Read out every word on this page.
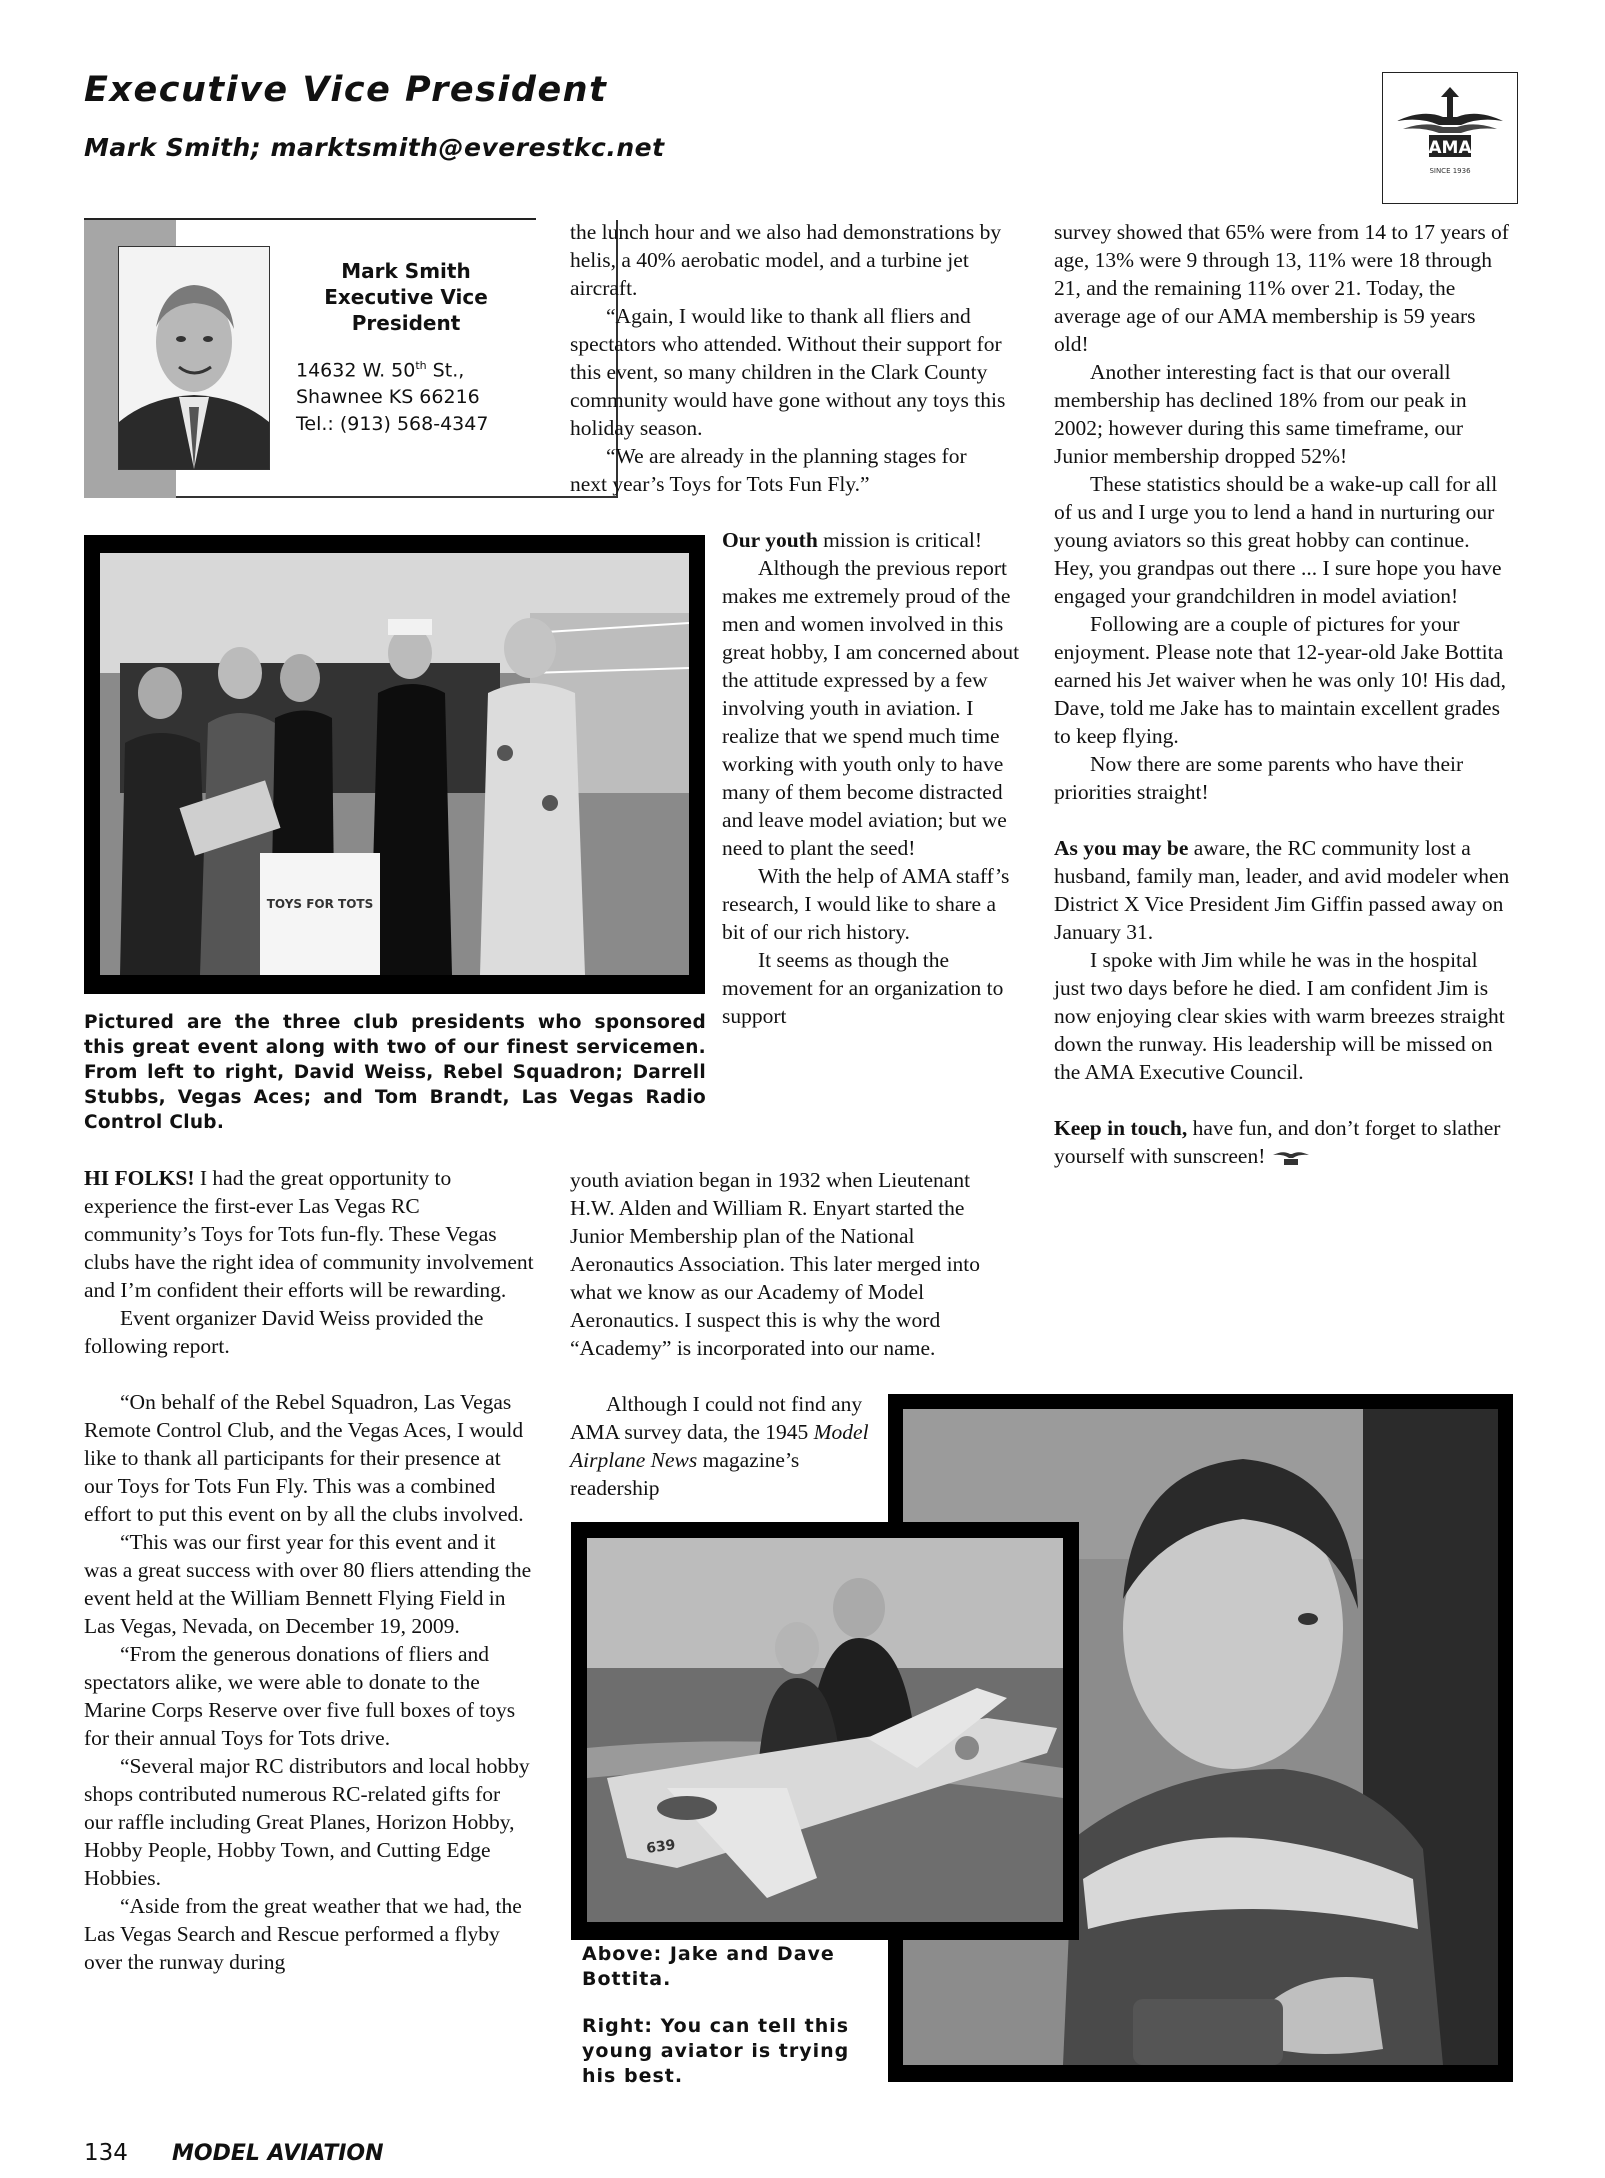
Executive Vice President
Mark Smith; marktsmith@everestkc.net	AMA
SINCE 1936
Mark Smith
Executive Vice
President
14632 W. 50th St.,
Shawnee KS 66216
Tel.: (913) 568-4347
TOYS FOR TOTS
Pictured are the three club presidents who sponsored this great event along with two of our finest servicemen. From left to right, David Weiss, Rebel Squadron; Darrell Stubbs, Vegas Aces; and Tom Brandt, Las Vegas Radio Control Club.

HI FOLKS! I had the great opportunity to experience the first-ever Las Vegas RC community’s Toys for Tots fun-fly. These Vegas clubs have the right idea of community involvement and I’m confident their efforts will be rewarding.

Event organizer David Weiss provided the following report.

“On behalf of the Rebel Squadron, Las Vegas Remote Control Club, and the Vegas Aces, I would like to thank all participants for their presence at our Toys for Tots Fun Fly. This was a combined effort to put this event on by all the clubs involved.

“This was our first year for this event and it was a great success with over 80 fliers attending the event held at the William Bennett Flying Field in Las Vegas, Nevada, on December 19, 2009.

“From the generous donations of fliers and spectators alike, we were able to donate to the Marine Corps Reserve over five full boxes of toys for their annual Toys for Tots drive.

“Several major RC distributors and local hobby shops contributed numerous RC-related gifts for our raffle including Great Planes, Horizon Hobby, Hobby People, Hobby Town, and Cutting Edge Hobbies.

“Aside from the great weather that we had, the Las Vegas Search and Rescue performed a flyby over the runway during

the lunch hour and we also had demonstrations by helis, a 40% aerobatic model, and a turbine jet aircraft.

“Again, I would like to thank all fliers and spectators who attended. Without their support for this event, so many children in the Clark County community would have gone without any toys this holiday season.

“We are already in the planning stages for next year’s Toys for Tots Fun Fly.”

Our youth mission is critical!

Although the previous report makes me extremely proud of the men and women involved in this great hobby, I am concerned about the attitude expressed by a few involving youth in aviation. I realize that we spend much time working with youth only to have many of them become distracted and leave model aviation; but we need to plant the seed!

With the help of AMA staff’s research, I would like to share a bit of our rich history.

It seems as though the movement for an organization to support

youth aviation began in 1932 when Lieutenant H.W. Alden and William R. Enyart started the Junior Membership plan of the National Aeronautics Association. This later merged into what we know as our Academy of Model Aeronautics. I suspect this is why the word “Academy” is incorporated into our name.

Although I could not find any AMA survey data, the 1945 Model Airplane News magazine’s readership

survey showed that 65% were from 14 to 17 years of age, 13% were 9 through 13, 11% were 18 through 21, and the remaining 11% over 21. Today, the average age of our AMA membership is 59 years old!

Another interesting fact is that our overall membership has declined 18% from our peak in 2002; however during this same timeframe, our Junior membership dropped 52%!

These statistics should be a wake-up call for all of us and I urge you to lend a hand in nurturing our young aviators so this great hobby can continue. Hey, you grandpas out there ... I sure hope you have engaged your grandchildren in model aviation!

Following are a couple of pictures for your enjoyment. Please note that 12-year-old Jake Bottita earned his Jet waiver when he was only 10! His dad, Dave, told me Jake has to maintain excellent grades to keep flying.

Now there are some parents who have their priorities straight!

As you may be aware, the RC community lost a husband, family man, leader, and avid modeler when District X Vice President Jim Giffin passed away on January 31.

I spoke with Jim while he was in the hospital just two days before he died. I am confident Jim is now enjoying clear skies with warm breezes straight down the runway. His leadership will be missed on the AMA Executive Council.

Keep in touch, have fun, and don’t forget to slather yourself with sunscreen!

639

Above: Jake and Dave Bottita.

Right: You can tell this young aviator is trying his best.

134 MODEL AVIATION
